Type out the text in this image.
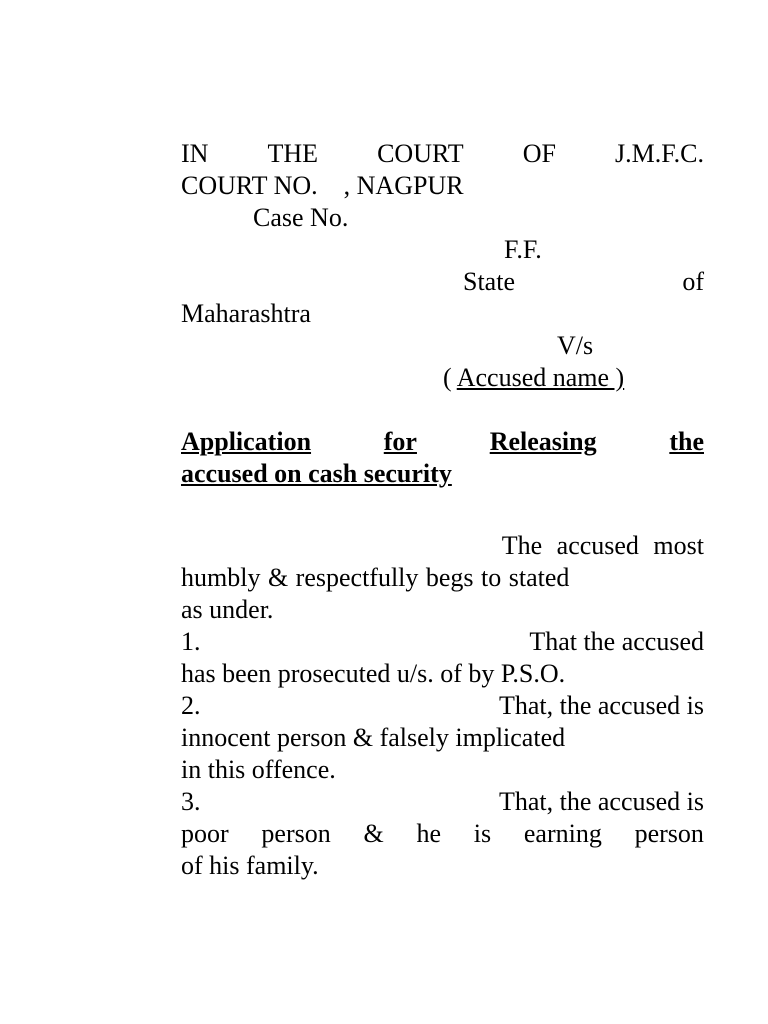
IN THE COURT OF J.M.F.C.
COURT NO.    , NAGPUR
Case No.
F.F.
State	of
Maharashtra
V/s
( Accused name )
Application	for	Releasing	the
accused on cash security
The accused most
humbly & respectfully begs to stated
as under.
1.	That the accused
has been prosecuted u/s. of by P.S.O.
2.	That, the accused is
innocent person & falsely implicated
in this offence.
3.	That, the accused is
poor person & he is earning person
of his family.
